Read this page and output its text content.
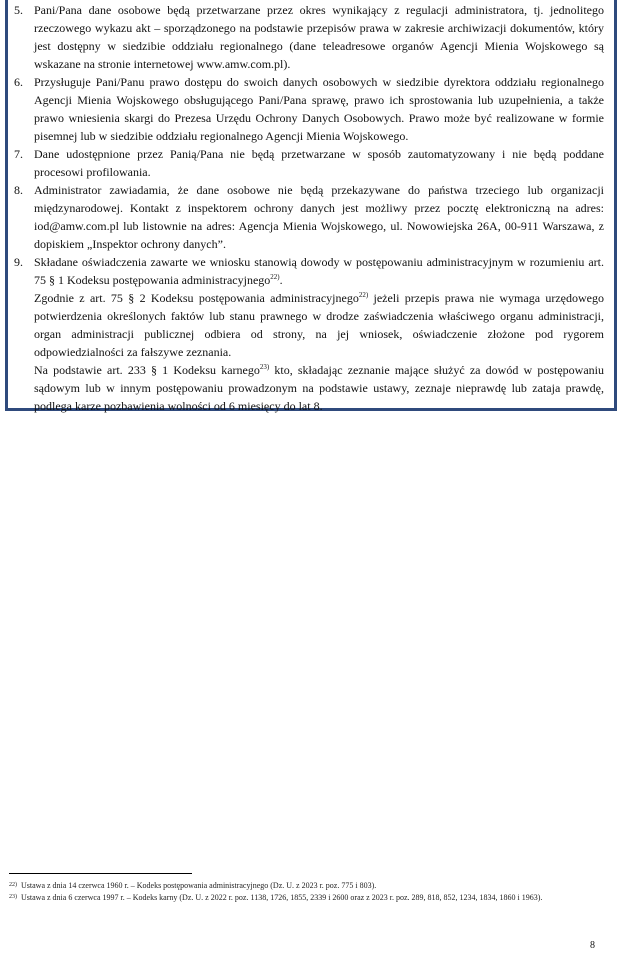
5. Pani/Pana dane osobowe będą przetwarzane przez okres wynikający z regulacji administratora, tj. jednolitego rzeczowego wykazu akt – sporządzonego na podstawie przepisów prawa w zakresie archiwizacji dokumentów, który jest dostępny w siedzibie oddziału regionalnego (dane teleadresowe organów Agencji Mienia Wojskowego są wskazane na stronie internetowej www.amw.com.pl).
6. Przysługuje Pani/Panu prawo dostępu do swoich danych osobowych w siedzibie dyrektora oddziału regionalnego Agencji Mienia Wojskowego obsługującego Pani/Pana sprawę, prawo ich sprostowania lub uzupełnienia, a także prawo wniesienia skargi do Prezesa Urzędu Ochrony Danych Osobowych. Prawo może być realizowane w formie pisemnej lub w siedzibie oddziału regionalnego Agencji Mienia Wojskowego.
7. Dane udostępnione przez Panią/Pana nie będą przetwarzane w sposób zautomatyzowany i nie będą poddane procesowi profilowania.
8. Administrator zawiadamia, że dane osobowe nie będą przekazywane do państwa trzeciego lub organizacji międzynarodowej. Kontakt z inspektorem ochrony danych jest możliwy przez pocztę elektroniczną na adres: iod@amw.com.pl lub listownie na adres: Agencja Mienia Wojskowego, ul. Nowowiejska 26A, 00-911 Warszawa, z dopiskiem „Inspektor ochrony danych”.
9. Składane oświadczenia zawarte we wniosku stanowią dowody w postępowaniu administracyjnym w rozumieniu art. 75 § 1 Kodeksu postępowania administracyjnego$^{22)}$.

Zgodnie z art. 75 § 2 Kodeksu postępowania administracyjnego$^{22)}$ jeżeli przepis prawa nie wymaga urzędowego potwierdzenia określonych faktów lub stanu prawnego w drodze zaświadczenia właściwego organu administracji, organ administracji publicznej odbiera od strony, na jej wniosek, oświadczenie złożone pod rygorem odpowiedzialności za fałszywe zeznania.

Na podstawie art. 233 § 1 Kodeksu karnego$^{23)}$ kto, składając zeznanie mające służyć za dowód w postępowaniu sądowym lub w innym postępowaniu prowadzonym na podstawie ustawy, zeznaje nieprawdę lub zataja prawdę, podlega karze pozbawienia wolności od 6 miesięcy do lat 8.

22) Ustawa z dnia 14 czerwca 1960 r. – Kodeks postępowania administracyjnego (Dz. U. z 2023 r. poz. 775 i 803).
23) Ustawa z dnia 6 czerwca 1997 r. – Kodeks karny (Dz. U. z 2022 r. poz. 1138, 1726, 1855, 2339 i 2600 oraz z 2023 r. poz. 289, 818, 852, 1234, 1834, 1860 i 1963).
8
